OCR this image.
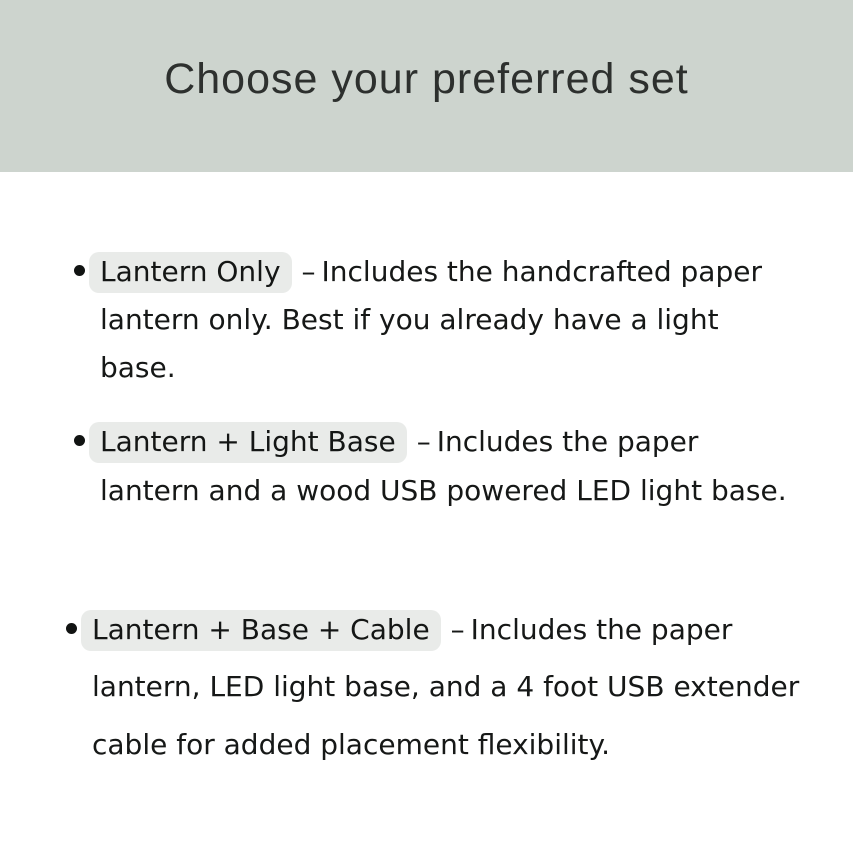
Choose your preferred set
Lantern Only – Includes the handcrafted paper lantern only. Best if you already have a light base.
Lantern + Light Base – Includes the paper lantern and a wood USB powered LED light base.
Lantern + Base + Cable – Includes the paper lantern, LED light base, and a 4 foot USB extender cable for added placement flexibility.
